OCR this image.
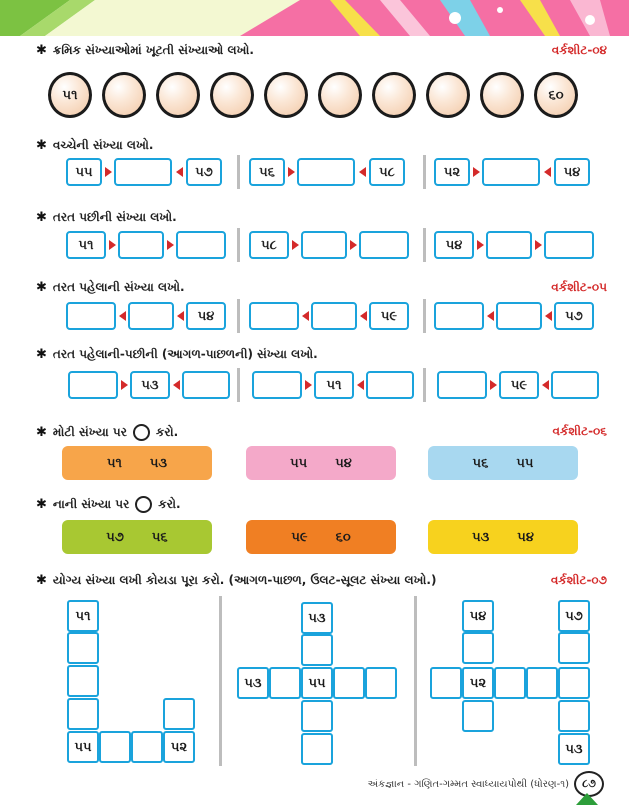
✱ ક્રમિક સંખ્યાઓમાં ખૂટતી સંખ્યાઓ લખો.	વર્કશીટ-૦૪
૫૧	૬૦
✱ વચ્ચેની સંખ્યા લખો.
૫૫	૫૭	૫૬	૫૮	૫૨	૫૪
✱ તરત પછીની સંખ્યા લખો.
૫૧	૫૮	૫૪
✱ તરત પહેલાની સંખ્યા લખો.	વર્કશીટ-૦૫
૫૪	૫૯	૫૭
✱ તરત પહેલાની-પછીની (આગળ-પાછળની) સંખ્યા લખો.
૫૩	૫૧	૫૯
✱ મોટી સંખ્યા પર કરો.	વર્કશીટ-૦૬
૫૧ ૫૩	૫૫ ૫૪	૫૬ ૫૫
✱ નાની સંખ્યા પર કરો.
૫૭ ૫૬	૫૯ ૬૦	૫૩ ૫૪
✱ યોગ્ય સંખ્યા લખી કોયડા પૂરા કરો. (આગળ-પાછળ, ઉલટ-સૂલટ સંખ્યા લખો.)	વર્કશીટ-૦૭
૫૧
૫૫	૫૨
૫૩
૫૩	૫૫
૫૪
૫૨
૫૭
૫૩
અંકજ્ઞાન - ગણિત-ગમ્મત સ્વાધ્યાયપોથી (ધોરણ-૧) ૮૭
